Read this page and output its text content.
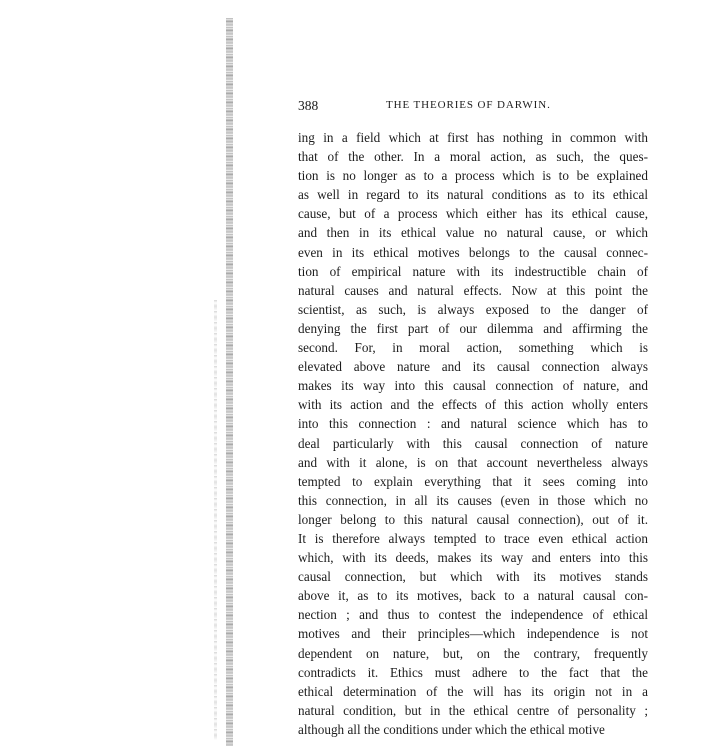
388	THE THEORIES OF DARWIN.
ing in a field which at first has nothing in common with
that of the other. In a moral action, as such, the ques-
tion is no longer as to a process which is to be explained
as well in regard to its natural conditions as to its ethical
cause, but of a process which either has its ethical cause,
and then in its ethical value no natural cause, or which
even in its ethical motives belongs to the causal connec-
tion of empirical nature with its indestructible chain of
natural causes and natural effects. Now at this point the
scientist, as such, is always exposed to the danger of
denying the first part of our dilemma and affirming the
second. For, in moral action, something which is
elevated above nature and its causal connection always
makes its way into this causal connection of nature, and
with its action and the effects of this action wholly enters
into this connection : and natural science which has to
deal particularly with this causal connection of nature
and with it alone, is on that account nevertheless always
tempted to explain everything that it sees coming into
this connection, in all its causes (even in those which no
longer belong to this natural causal connection), out of it.
It is therefore always tempted to trace even ethical action
which, with its deeds, makes its way and enters into this
causal connection, but which with its motives stands
above it, as to its motives, back to a natural causal con-
nection ; and thus to contest the independence of ethical
motives and their principles—which independence is not
dependent on nature, but, on the contrary, frequently
contradicts it. Ethics must adhere to the fact that the
ethical determination of the will has its origin not in a
natural condition, but in the ethical centre of personality ;
although all the conditions under which the ethical motive
